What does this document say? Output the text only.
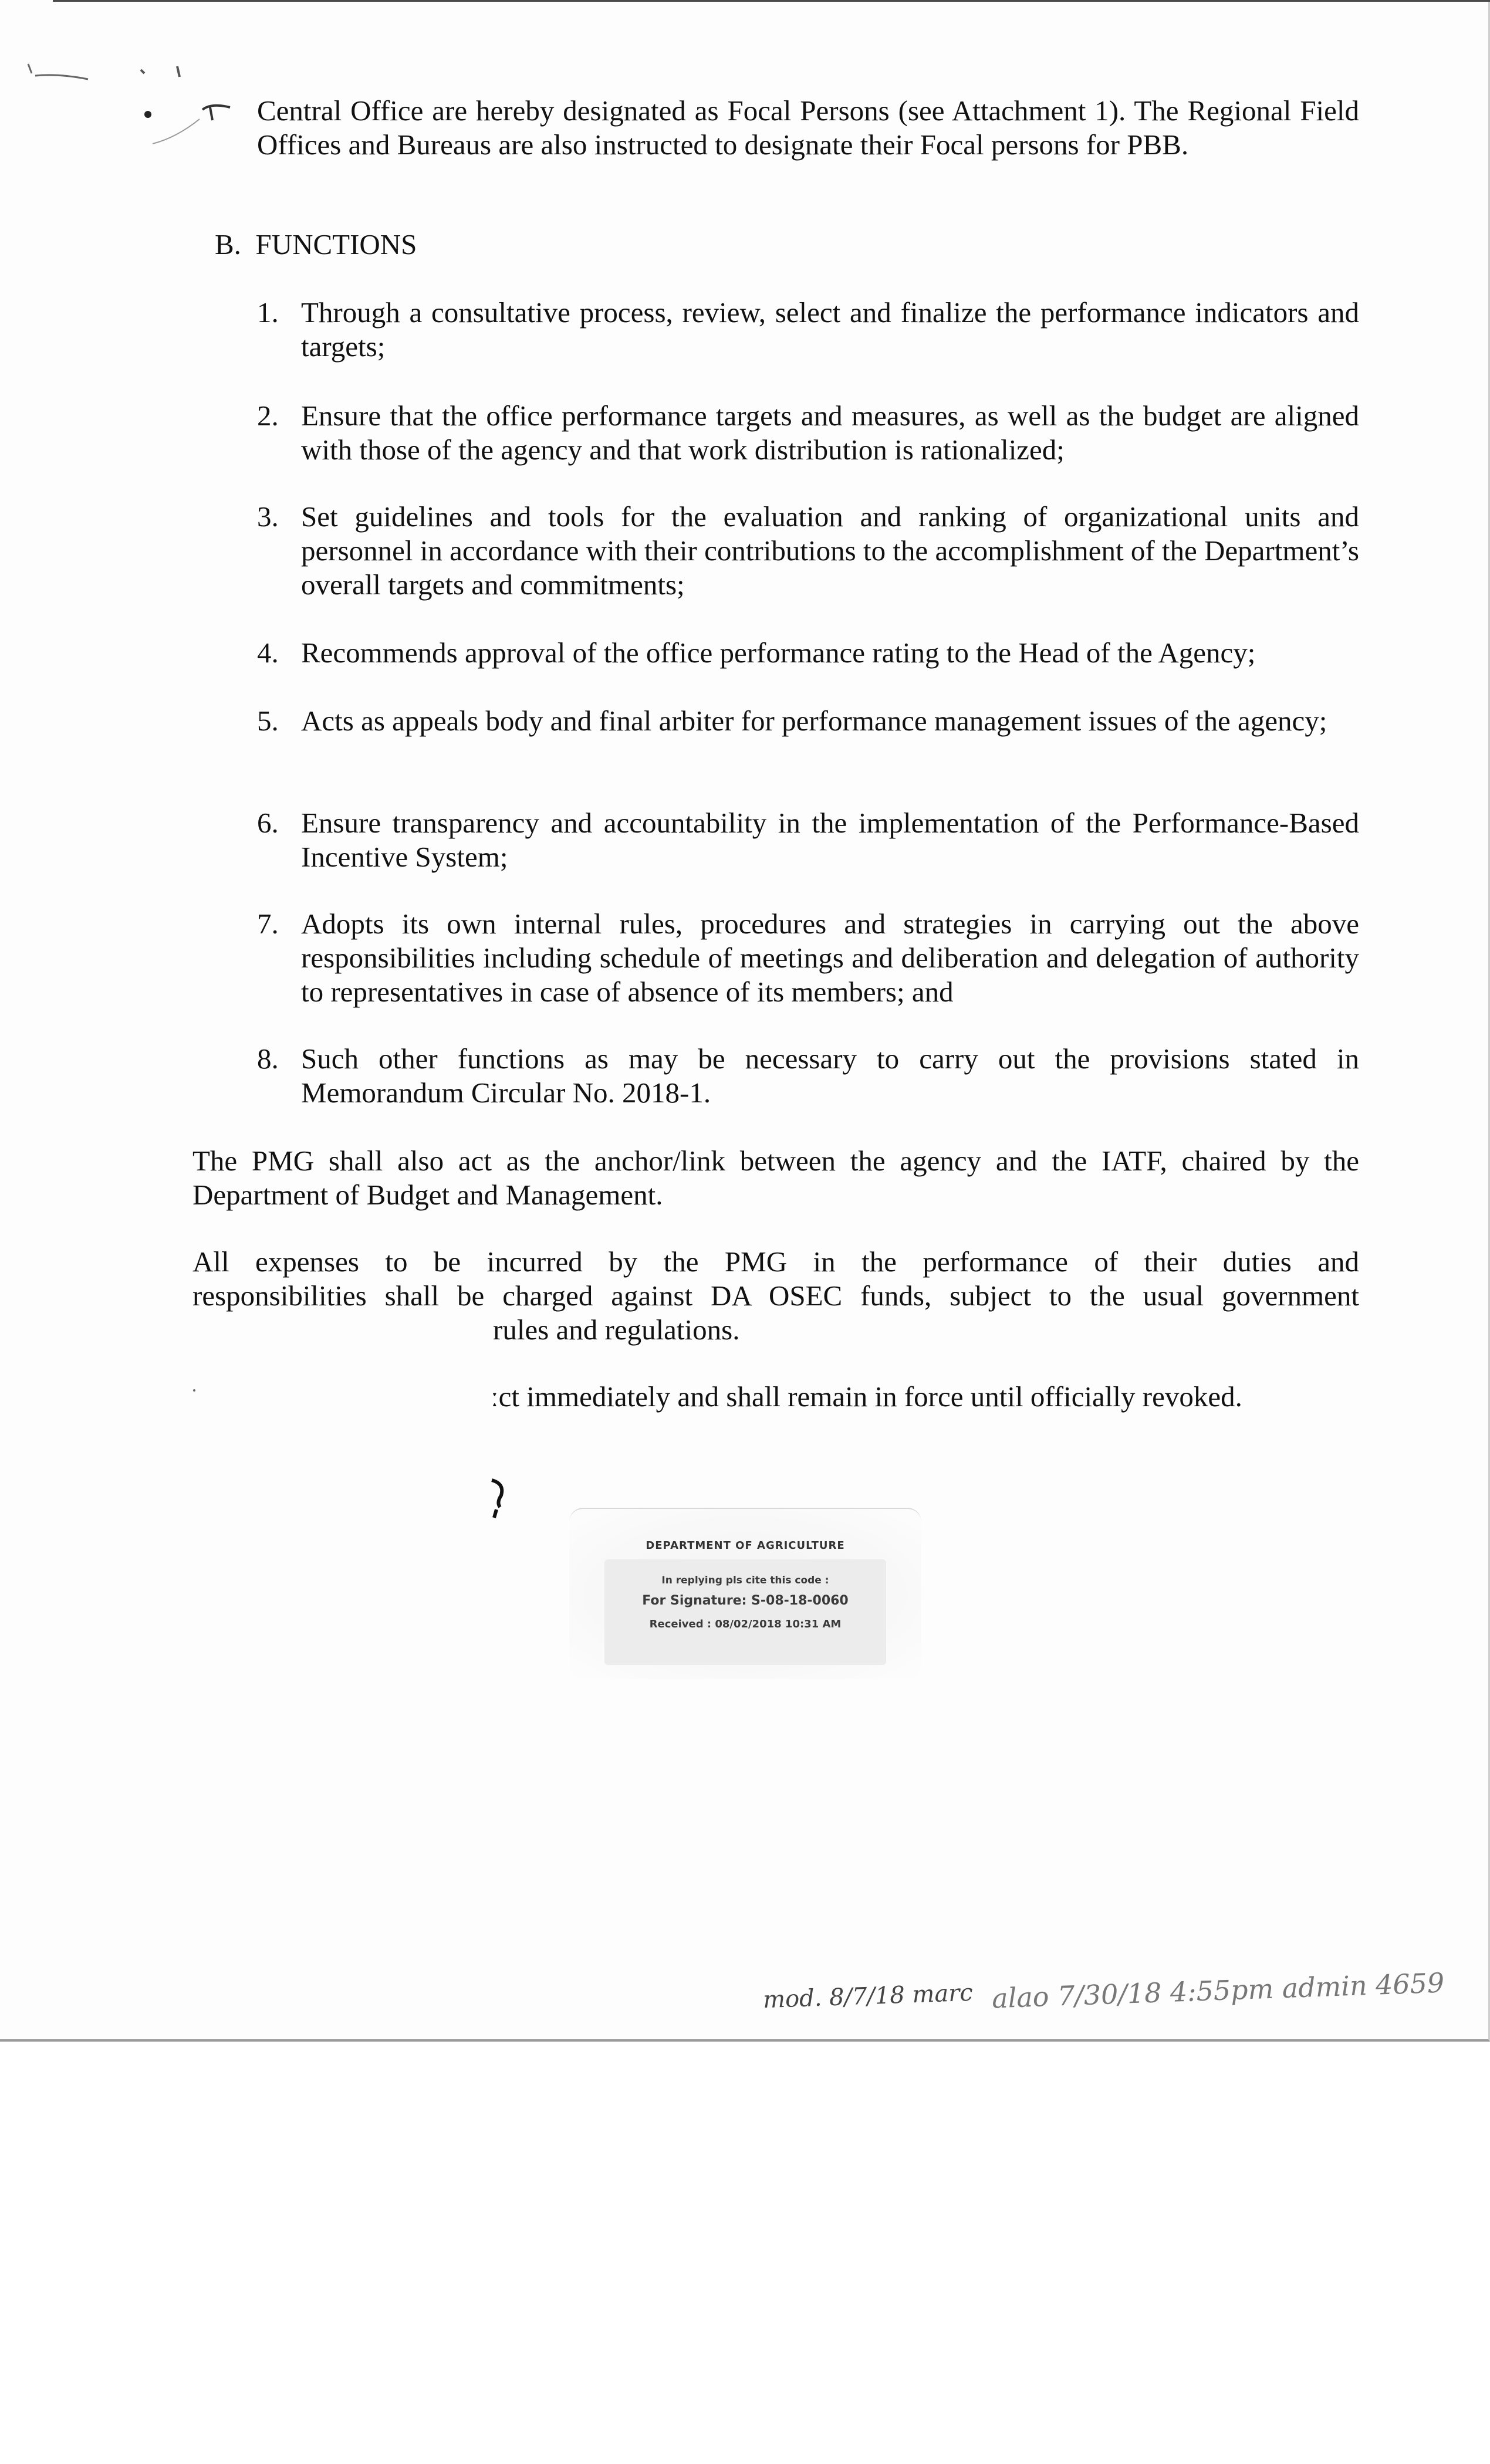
Central Office are hereby designated as Focal Persons (see Attachment 1). The Regional Field Offices and Bureaus are also instructed to designate their Focal persons for PBB.

B.  FUNCTIONS

1. Through a consultative process, review, select and finalize the performance indicators and targets;

2. Ensure that the office performance targets and measures, as well as the budget are aligned with those of the agency and that work distribution is rationalized;

3. Set guidelines and tools for the evaluation and ranking of organizational units and personnel in accordance with their contributions to the accomplishment of the Department’s overall targets and commitments;

4. Recommends approval of the office performance rating to the Head of the Agency;

5. Acts as appeals body and final arbiter for performance management issues of the agency;

6. Ensure transparency and accountability in the implementation of the Performance-Based Incentive System;

7. Adopts its own internal rules, procedures and strategies in carrying out the above responsibilities including schedule of meetings and deliberation and delegation of authority to representatives in case of absence of its members; and

8. Such other functions as may be necessary to carry out the provisions stated in Memorandum Circular No. 2018-1.

The PMG shall also act as the anchor/link between the agency and the IATF, chaired by the Department of Budget and Management.

All expenses to be incurred by the PMG in the performance of their duties and

responsibilities shall be charged against DA OSEC funds, subject to the usual government

rules and regulations.

ːct immediately and shall remain in force until officially revoked.

DEPARTMENT OF AGRICULTURE

In replying pls cite this code :

For Signature: S-08-18-0060

Received : 08/02/2018 10:31 AM

mod. 8/7/18 marc alao 7/30/18 4:55pm admin 4659
